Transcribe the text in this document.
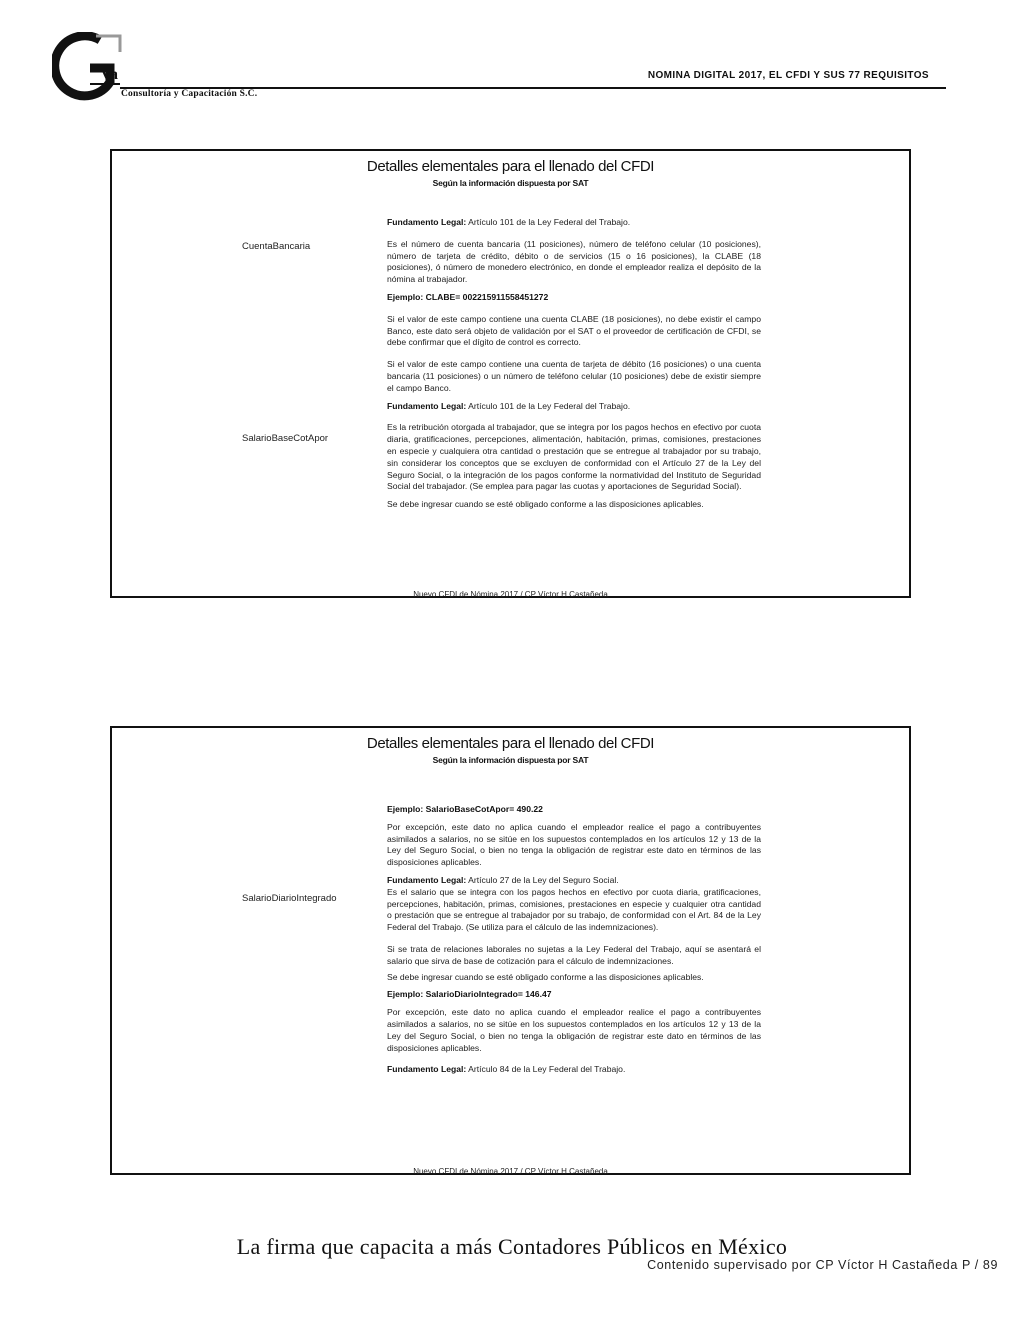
va
Consultoría y Capacitación S.C.
NOMINA DIGITAL 2017, EL CFDI Y SUS 77 REQUISITOS
Detalles elementales para el llenado del CFDI
Según la información dispuesta por SAT
CuentaBancaria
SalarioBaseCotApor

Fundamento Legal: Artículo 101 de la Ley Federal del Trabajo.

Es el número de cuenta bancaria (11 posiciones), número de teléfono celular (10 posiciones), número de tarjeta de crédito, débito o de servicios (15 o 16 posiciones), la CLABE (18 posiciones), ó número de monedero electrónico, en donde el empleador realiza el depósito de la nómina al trabajador.

Ejemplo: CLABE= 002215911558451272

Si el valor de este campo contiene una cuenta CLABE (18 posiciones), no debe existir el campo Banco, este dato será objeto de validación por el SAT o el proveedor de certificación de CFDI, se debe confirmar que el dígito de control es correcto.

Si el valor de este campo contiene una cuenta de tarjeta de débito (16 posiciones) o una cuenta bancaria (11 posiciones) o un número de teléfono celular (10 posiciones) debe de existir siempre el campo Banco.

Fundamento Legal: Artículo 101 de la Ley Federal del Trabajo.

Es la retribución otorgada al trabajador, que se integra por los pagos hechos en efectivo por cuota diaria, gratificaciones, percepciones, alimentación, habitación, primas, comisiones, prestaciones en especie y cualquiera otra cantidad o prestación que se entregue al trabajador por su trabajo, sin considerar los conceptos que se excluyen de conformidad con el Artículo 27 de la Ley del Seguro Social, o la integración de los pagos conforme la normatividad del Instituto de Seguridad Social del trabajador. (Se emplea para pagar las cuotas y aportaciones de Seguridad Social).

Se debe ingresar cuando se esté obligado conforme a las disposiciones aplicables.

Nuevo CFDI de Nómina 2017 / CP Víctor H Castañeda
Detalles elementales para el llenado del CFDI
Según la información dispuesta por SAT
SalarioDiarioIntegrado

Ejemplo: SalarioBaseCotApor= 490.22

Por excepción, este dato no aplica cuando el empleador realice el pago a contribuyentes asimilados a salarios, no se sitúe en los supuestos contemplados en los artículos 12 y 13 de la Ley del Seguro Social, o bien no tenga la obligación de registrar este dato en términos de las disposiciones aplicables.

Fundamento Legal: Artículo 27 de la Ley del Seguro Social.

Es el salario que se integra con los pagos hechos en efectivo por cuota diaria, gratificaciones, percepciones, habitación, primas, comisiones, prestaciones en especie y cualquier otra cantidad o prestación que se entregue al trabajador por su trabajo, de conformidad con el Art. 84 de la Ley Federal del Trabajo. (Se utiliza para el cálculo de las indemnizaciones).

Si se trata de relaciones laborales no sujetas a la Ley Federal del Trabajo, aquí se asentará el salario que sirva de base de cotización para el cálculo de indemnizaciones.

Se debe ingresar cuando se esté obligado conforme a las disposiciones aplicables.

Ejemplo: SalarioDiarioIntegrado= 146.47

Por excepción, este dato no aplica cuando el empleador realice el pago a contribuyentes asimilados a salarios, no se sitúe en los supuestos contemplados en los artículos 12 y 13 de la Ley del Seguro Social, o bien no tenga la obligación de registrar este dato en términos de las disposiciones aplicables.

Fundamento Legal: Artículo 84 de la Ley Federal del Trabajo.

Nuevo CFDI de Nómina 2017 / CP Víctor H Castañeda
La firma que capacita a más Contadores Públicos en México
Contenido supervisado por CP Víctor H Castañeda P / 89
